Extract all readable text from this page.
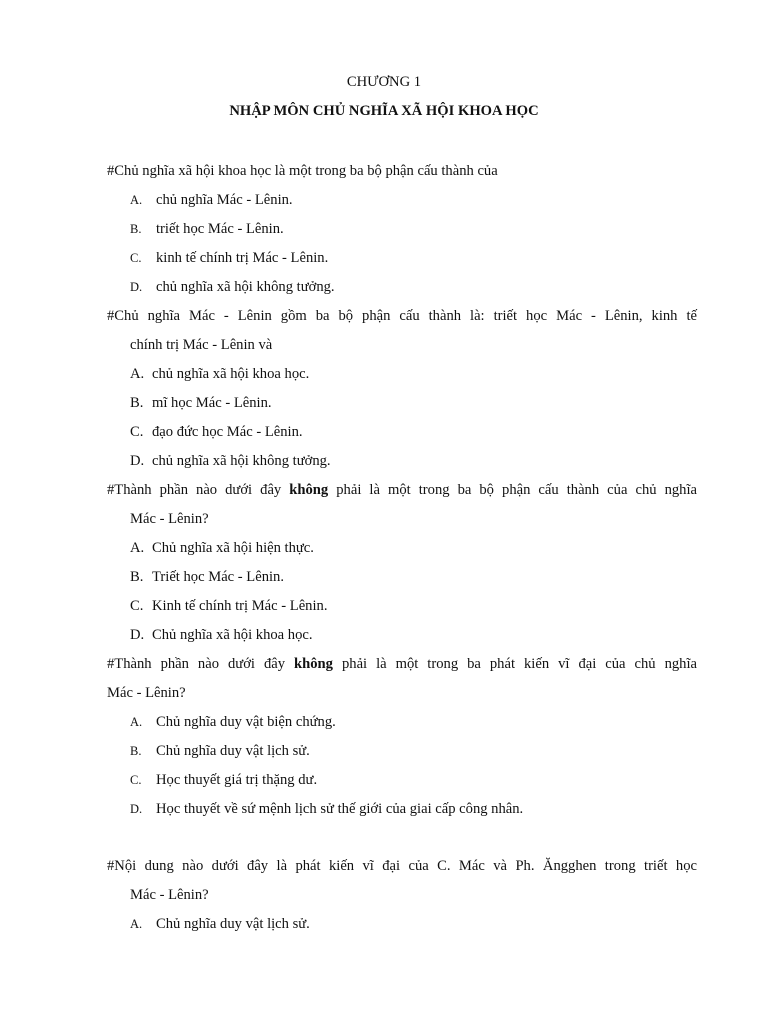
CHƯƠNG 1
NHẬP MÔN CHỦ NGHĨA XÃ HỘI KHOA HỌC
#Chủ nghĩa xã hội khoa học là một trong ba bộ phận cấu thành của
A. chủ nghĩa Mác - Lênin.
B. triết học Mác - Lênin.
C. kinh tế chính trị Mác - Lênin.
D. chủ nghĩa xã hội không tưởng.
#Chủ nghĩa Mác - Lênin gồm ba bộ phận cấu thành là: triết học Mác - Lênin, kinh tế
chính trị Mác - Lênin và
A. chủ nghĩa xã hội khoa học.
B. mĩ học Mác - Lênin.
C. đạo đức học Mác - Lênin.
D. chủ nghĩa xã hội không tưởng.
#Thành phần nào dưới đây không phải là một trong ba bộ phận cấu thành của chủ nghĩa
Mác - Lênin?
A. Chủ nghĩa xã hội hiện thực.
B. Triết học Mác - Lênin.
C. Kinh tế chính trị Mác - Lênin.
D. Chủ nghĩa xã hội khoa học.
#Thành phần nào dưới đây không phải là một trong ba phát kiến vĩ đại của chủ nghĩa
Mác - Lênin?
A. Chủ nghĩa duy vật biện chứng.
B. Chủ nghĩa duy vật lịch sử.
C. Học thuyết giá trị thặng dư.
D. Học thuyết về sứ mệnh lịch sử thế giới của giai cấp công nhân.
#Nội dung nào dưới đây là phát kiến vĩ đại của C. Mác và Ph. Ăngghen trong triết học
Mác - Lênin?
A. Chủ nghĩa duy vật lịch sử.
